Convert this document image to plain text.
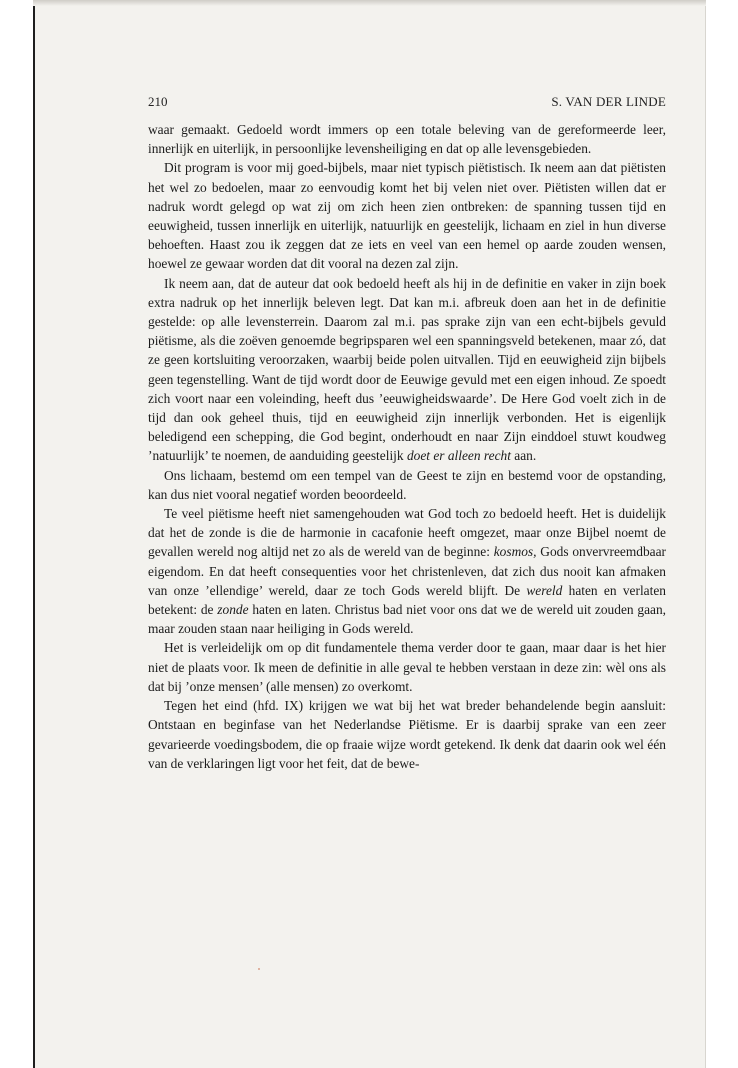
210	S. VAN DER LINDE

waar gemaakt. Gedoeld wordt immers op een totale beleving van de gereformeerde leer, innerlijk en uiterlijk, in persoonlijke levensheiliging en dat op alle levensgebieden.

Dit program is voor mij goed-bijbels, maar niet typisch piëtistisch. Ik neem aan dat piëtisten het wel zo bedoelen, maar zo eenvoudig komt het bij velen niet over. Piëtisten willen dat er nadruk wordt gelegd op wat zij om zich heen zien ontbreken: de spanning tussen tijd en eeuwigheid, tussen innerlijk en uiterlijk, natuurlijk en geestelijk, lichaam en ziel in hun diverse behoeften. Haast zou ik zeggen dat ze iets en veel van een hemel op aarde zouden wensen, hoewel ze gewaar worden dat dit vooral na dezen zal zijn.

Ik neem aan, dat de auteur dat ook bedoeld heeft als hij in de definitie en vaker in zijn boek extra nadruk op het innerlijk beleven legt. Dat kan m.i. afbreuk doen aan het in de definitie gestelde: op alle levensterrein. Daarom zal m.i. pas sprake zijn van een echt-bijbels gevuld piëtisme, als die zoëven genoemde begripsparen wel een spanningsveld betekenen, maar zó, dat ze geen kortsluiting veroorzaken, waarbij beide polen uitvallen. Tijd en eeuwigheid zijn bijbels geen tegenstelling. Want de tijd wordt door de Eeuwige gevuld met een eigen inhoud. Ze spoedt zich voort naar een voleinding, heeft dus ’eeuwigheidswaarde’. De Here God voelt zich in de tijd dan ook geheel thuis, tijd en eeuwigheid zijn innerlijk verbonden. Het is eigenlijk beledigend een schepping, die God begint, onderhoudt en naar Zijn einddoel stuwt koudweg ’natuurlijk’ te noemen, de aanduiding geestelijk doet er alleen recht aan.

Ons lichaam, bestemd om een tempel van de Geest te zijn en bestemd voor de opstanding, kan dus niet vooral negatief worden beoordeeld.

Te veel piëtisme heeft niet samengehouden wat God toch zo bedoeld heeft. Het is duidelijk dat het de zonde is die de harmonie in cacafonie heeft omgezet, maar onze Bijbel noemt de gevallen wereld nog altijd net zo als de wereld van de beginne: kosmos, Gods onvervreemdbaar eigendom. En dat heeft consequenties voor het christenleven, dat zich dus nooit kan afmaken van onze ’ellendige’ wereld, daar ze toch Gods wereld blijft. De wereld haten en verlaten betekent: de zonde haten en laten. Christus bad niet voor ons dat we de wereld uit zouden gaan, maar zouden staan naar heiliging in Gods wereld.

Het is verleidelijk om op dit fundamentele thema verder door te gaan, maar daar is het hier niet de plaats voor. Ik meen de definitie in alle geval te hebben verstaan in deze zin: wèl ons als dat bij ’onze mensen’ (alle mensen) zo overkomt.

Tegen het eind (hfd. IX) krijgen we wat bij het wat breder behandelende begin aansluit: Ontstaan en beginfase van het Nederlandse Piëtisme. Er is daarbij sprake van een zeer gevarieerde voedingsbodem, die op fraaie wijze wordt getekend. Ik denk dat daarin ook wel één van de verklaringen ligt voor het feit, dat de bewe-
